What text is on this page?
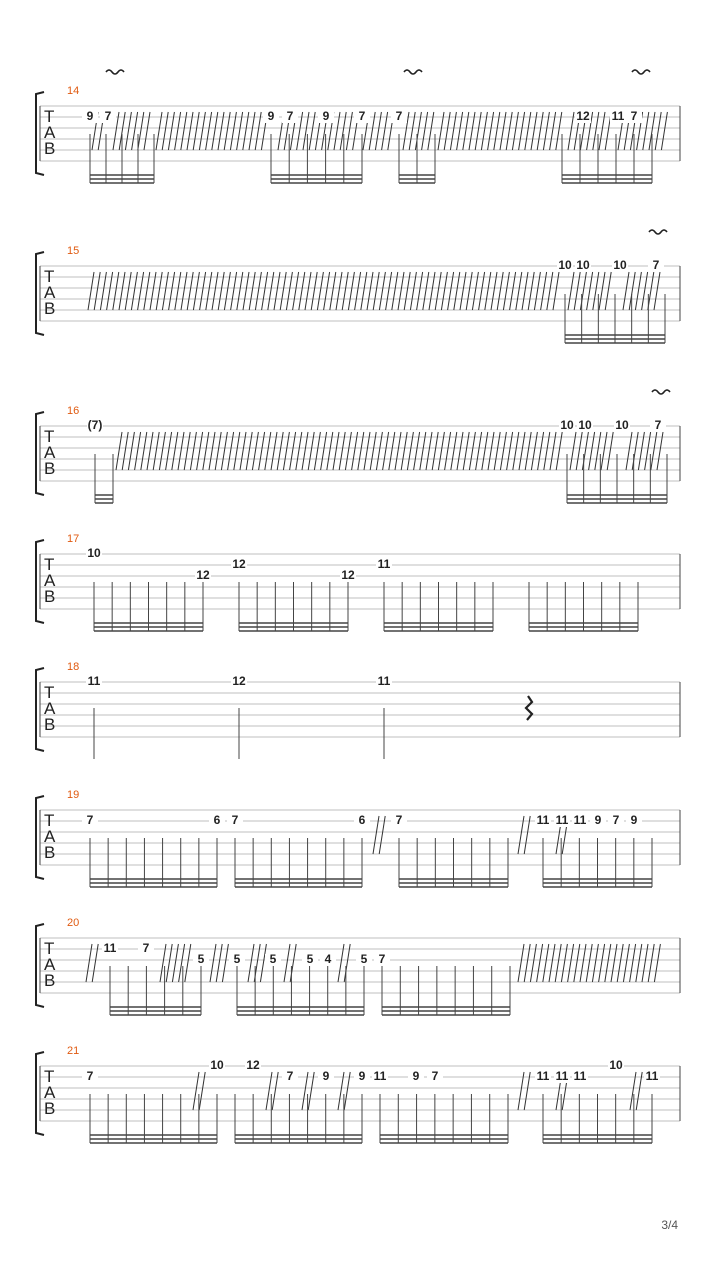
14
T
A
B
9 7	9 7 9 7	7	12 11 7
15
T
A
B
10 10 10 7
16
T
A
B
(7)	10 10 10 7
17
T
A
B
10
12
12
12
11
18
T
A
B
11	12	11
19
T
A
B
7	6 7	6	7	11 11 11 9 7 9
20
T
A
B
11 7
5 5 5	5 4 5 7
21
T
A
B
7
10 12
7 9 9 11 9 7	11 11 11
10
11
3/4
